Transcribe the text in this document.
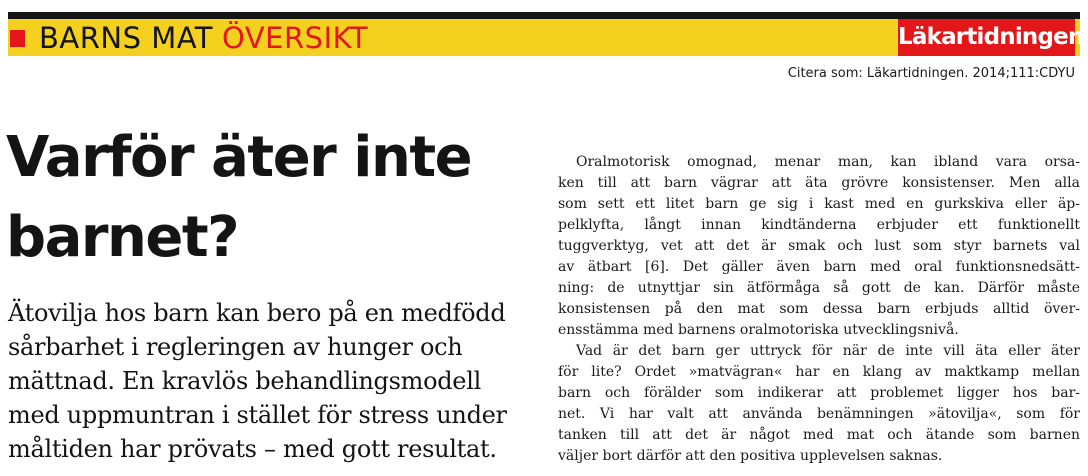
BARNS MAT ÖVERSIKT	Läkartidningen
Citera som: Läkartidningen. 2014;111:CDYU
Varför äter inte
barnet?
Ätovilja hos barn kan bero på en medfödd
sårbarhet i regleringen av hunger och
mättnad. En kravlös behandlingsmodell
med uppmuntran i stället för stress under
måltiden har prövats – med gott resultat.
Oralmotorisk omognad, menar man, kan ibland vara orsa-
ken till att barn vägrar att äta grövre konsistenser. Men alla
som sett ett litet barn ge sig i kast med en gurkskiva eller äp-
pelklyfta, långt innan kindtänderna erbjuder ett funktionellt
tuggverktyg, vet att det är smak och lust som styr barnets val
av ätbart [6]. Det gäller även barn med oral funktionsnedsätt-
ning: de utnyttjar sin ätförmåga så gott de kan. Därför måste
konsistensen på den mat som dessa barn erbjuds alltid över-
ensstämma med barnens oralmotoriska utvecklingsnivå.
Vad är det barn ger uttryck för när de inte vill äta eller äter
för lite? Ordet »matvägran« har en klang av maktkamp mellan
barn och förälder som indikerar att problemet ligger hos bar-
net. Vi har valt att använda benämningen »ätovilja«, som för
tanken till att det är något med mat och ätande som barnen
väljer bort därför att den positiva upplevelsen saknas.
